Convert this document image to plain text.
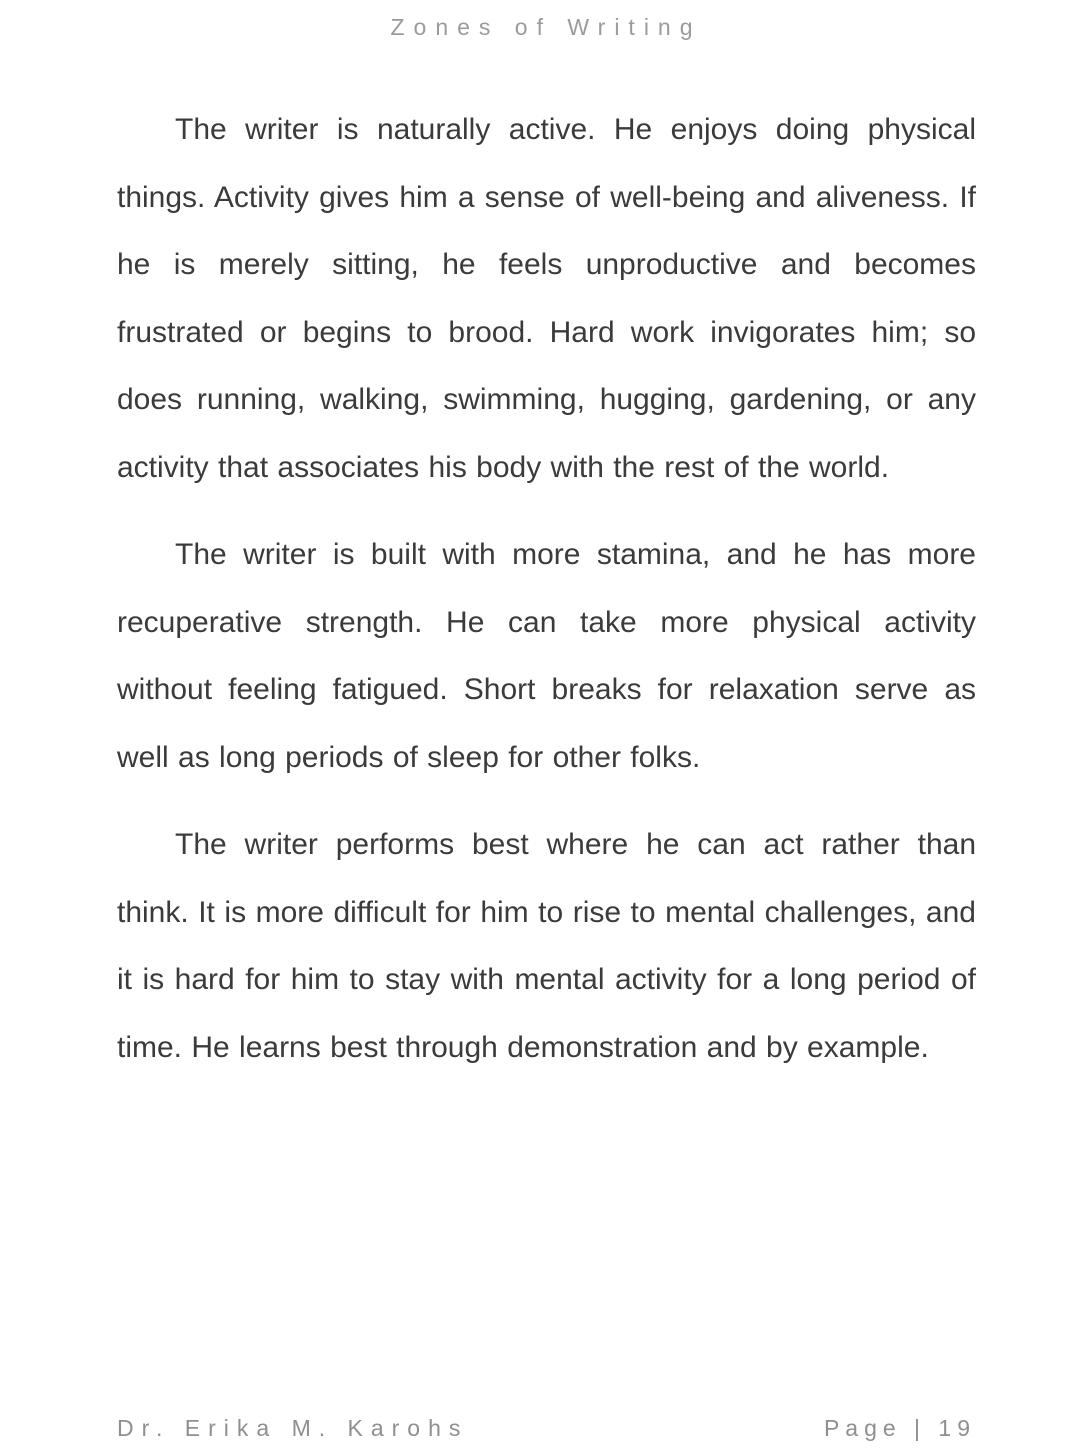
Zones of Writing

The writer is naturally active. He enjoys doing physical things. Activity gives him a sense of well-being and aliveness. If he is merely sitting, he feels unproductive and becomes frustrated or begins to brood. Hard work invigorates him; so does running, walking, swimming, hugging, gardening, or any activity that associates his body with the rest of the world.

The writer is built with more stamina, and he has more recuperative strength. He can take more physical activity without feeling fatigued. Short breaks for relaxation serve as well as long periods of sleep for other folks.

The writer performs best where he can act rather than think. It is more difficult for him to rise to mental challenges, and it is hard for him to stay with mental activity for a long period of time. He learns best through demonstration and by example.

Dr. Erika M. Karohs	Page | 19
